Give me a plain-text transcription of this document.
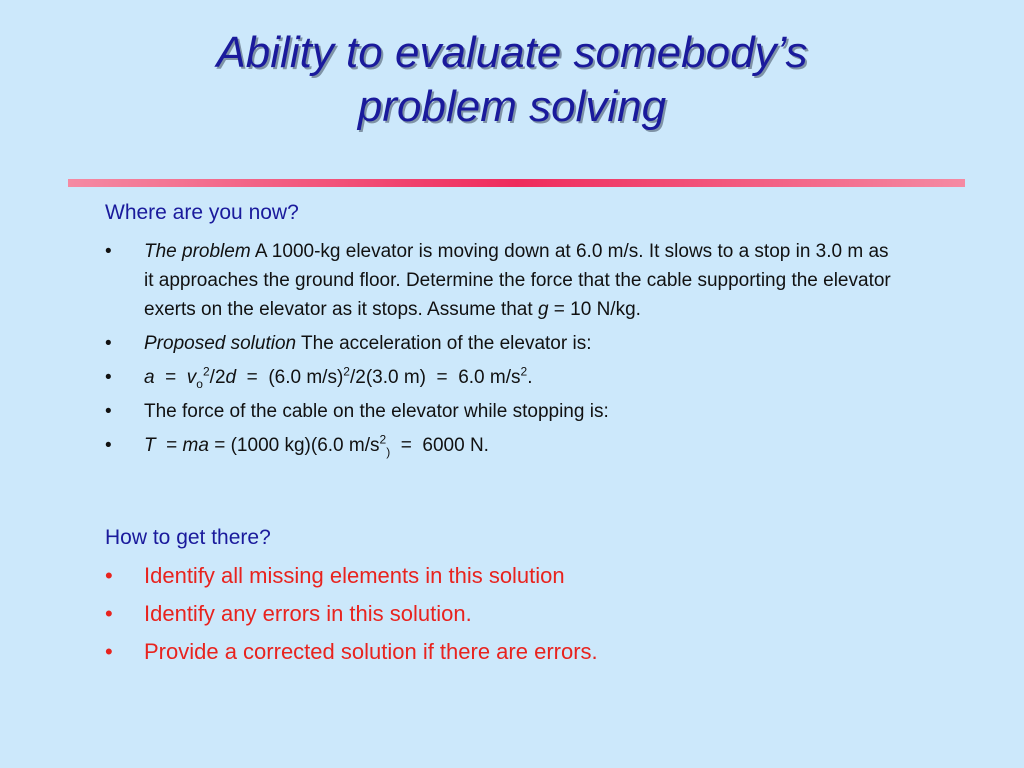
Ability to evaluate somebody’s
problem solving
Where are you now?
• The problem A 1000-kg elevator is moving down at 6.0 m/s. It slows to a stop in 3.0 m as it approaches the ground floor. Determine the force that the cable supporting the elevator exerts on the elevator as it stops. Assume that g = 10 N/kg.
• Proposed solution The acceleration of the elevator is:
• $a = v_o^2/2d = (6.0$ m/s)$^2$/2(3.0 m)  =  6.0 $m/s^2$.
• The force of the cable on the elevator while stopping is:
• T  = ma = (1000 kg)(6.0 $m/s^2_) = 6000$ N.
How to get there?
• Identify all missing elements in this solution
• Identify any errors in this solution.
• Provide a corrected solution if there are errors.
